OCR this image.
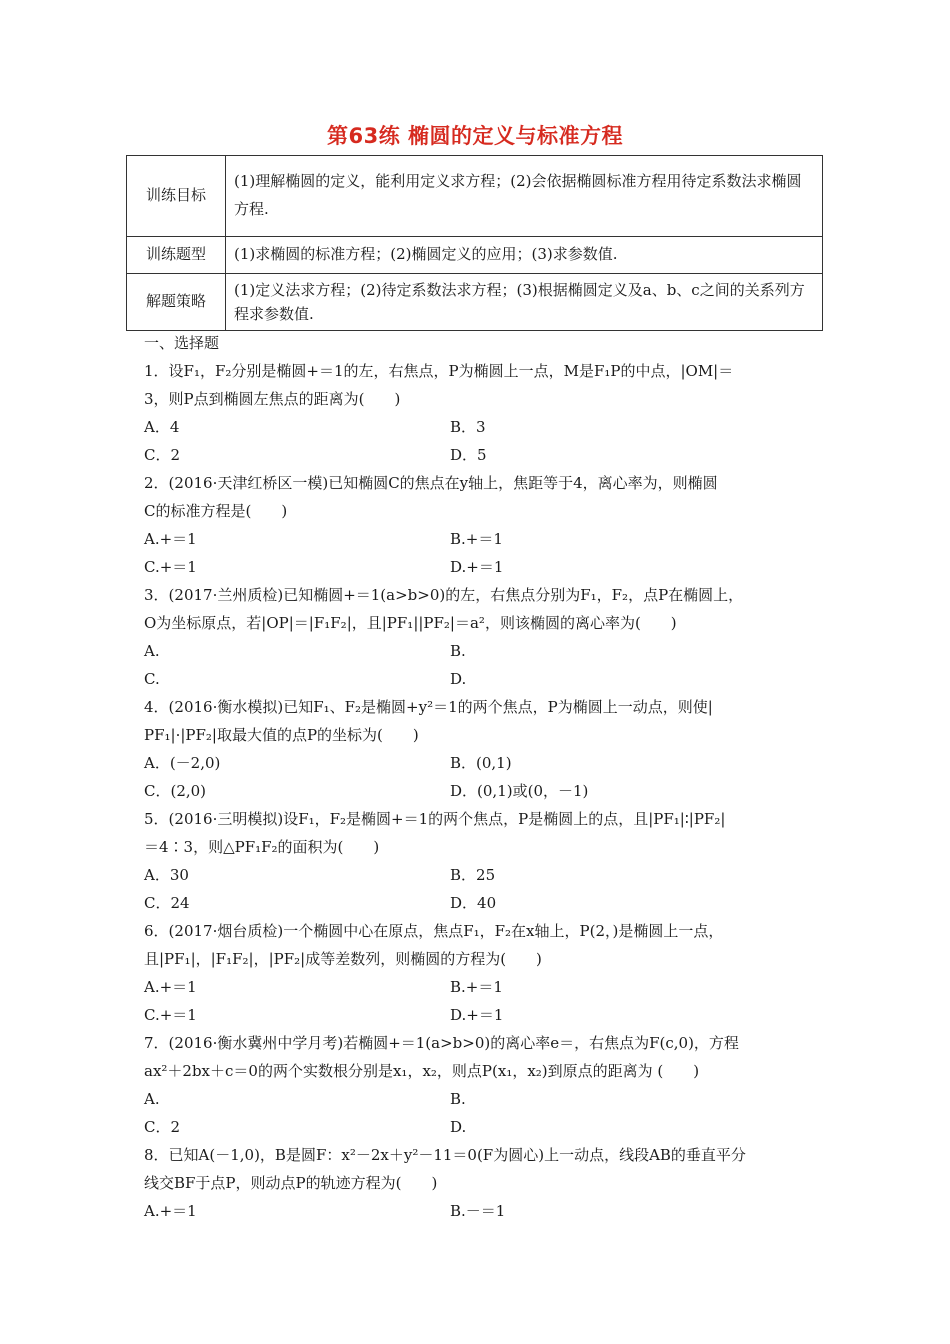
第63练 椭圆的定义与标准方程
训练目标	(1)理解椭圆的定义，能利用定义求方程；(2)会依据椭圆标准方程用待定系数法求椭圆方程.
训练题型	(1)求椭圆的标准方程；(2)椭圆定义的应用；(3)求参数值.
解题策略	(1)定义法求方程；(2)待定系数法求方程；(3)根据椭圆定义及a、b、c之间的关系列方程求参数值.
一、选择题
1．设F₁，F₂分别是椭圆+＝1的左，右焦点，P为椭圆上一点，M是F₁P的中点，|OM|＝
3，则P点到椭圆左焦点的距离为(　　)
A．4	B．3
C．2	D．5
2．(2016·天津红桥区一模)已知椭圆C的焦点在y轴上，焦距等于4，离心率为，则椭圆
C的标准方程是(　　)
A.+＝1	B.+＝1
C.+＝1	D.+＝1
3．(2017·兰州质检)已知椭圆+＝1(a>b>0)的左，右焦点分别为F₁，F₂，点P在椭圆上，
O为坐标原点，若|OP|＝|F₁F₂|，且|PF₁||PF₂|＝a²，则该椭圆的离心率为(　　)
A.	B.
C.	D.
4．(2016·衡水模拟)已知F₁、F₂是椭圆+y²＝1的两个焦点，P为椭圆上一动点，则使|
PF₁|·|PF₂|取最大值的点P的坐标为(　　)
A．(－2,0)	B．(0,1)
C．(2,0)	D．(0,1)或(0，－1)
5．(2016·三明模拟)设F₁，F₂是椭圆+＝1的两个焦点，P是椭圆上的点，且|PF₁|∶|PF₂|
＝4∶3，则△PF₁F₂的面积为(　　)
A．30	B．25
C．24	D．40
6．(2017·烟台质检)一个椭圆中心在原点，焦点F₁，F₂在x轴上，P(2，)是椭圆上一点，
且|PF₁|，|F₁F₂|，|PF₂|成等差数列，则椭圆的方程为(　　)
A.+＝1	B.+＝1
C.+＝1	D.+＝1
7．(2016·衡水冀州中学月考)若椭圆+＝1(a>b>0)的离心率e＝，右焦点为F(c,0)，方程
ax²＋2bx＋c＝0的两个实数根分别是x₁，x₂，则点P(x₁，x₂)到原点的距离为 (　　)
A.	B.
C．2	D.
8．已知A(－1,0)，B是圆F：x²－2x＋y²－11＝0(F为圆心)上一动点，线段AB的垂直平分
线交BF于点P，则动点P的轨迹方程为(　　)
A.+＝1	B.－＝1
